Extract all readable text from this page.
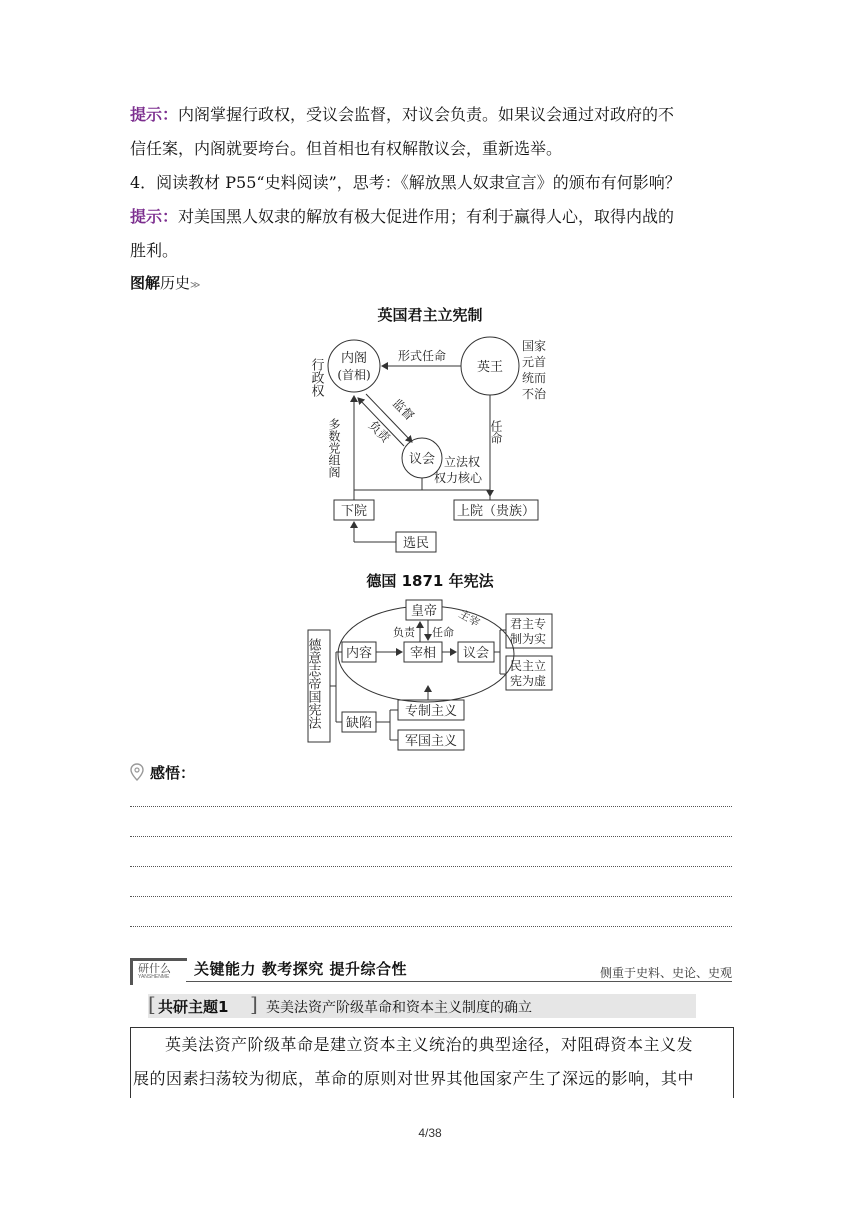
提示：内阁掌握行政权，受议会监督，对议会负责。如果议会通过对政府的不
信任案，内阁就要垮台。但首相也有权解散议会，重新选举。
4．阅读教材 P55“史料阅读”，思考：《解放黑人奴隶宣言》的颁布有何影响？
提示：对美国黑人奴隶的解放有极大促进作用；有利于赢得人心，取得内战的
胜利。
图解历史≫
英国君主立宪制
行政权 内阁
(首相)	英王
形式任命
国家元首统而不治
监督
负责
多数党组阁	议会 立法权
权力核心
任命
下院	上院（贵族）
选民
德国 1871 年宪法
德意志帝国宪法 内容
皇帝
宰相
负责 任命
议会
主宰 君主专制为实
民主立宪为虚
缺陷
专制主义
军国主义
感悟：
研什么
YANSHENME 关键能力 教考探究 提升综合性	侧重于史料、史论、史观
[ 共研主题1 ] 英美法资产阶级革命和资本主义制度的确立

英美法资产阶级革命是建立资本主义统治的典型途径，对阻碍资本主义发

展的因素扫荡较为彻底，革命的原则对世界其他国家产生了深远的影响，其中

4/38
